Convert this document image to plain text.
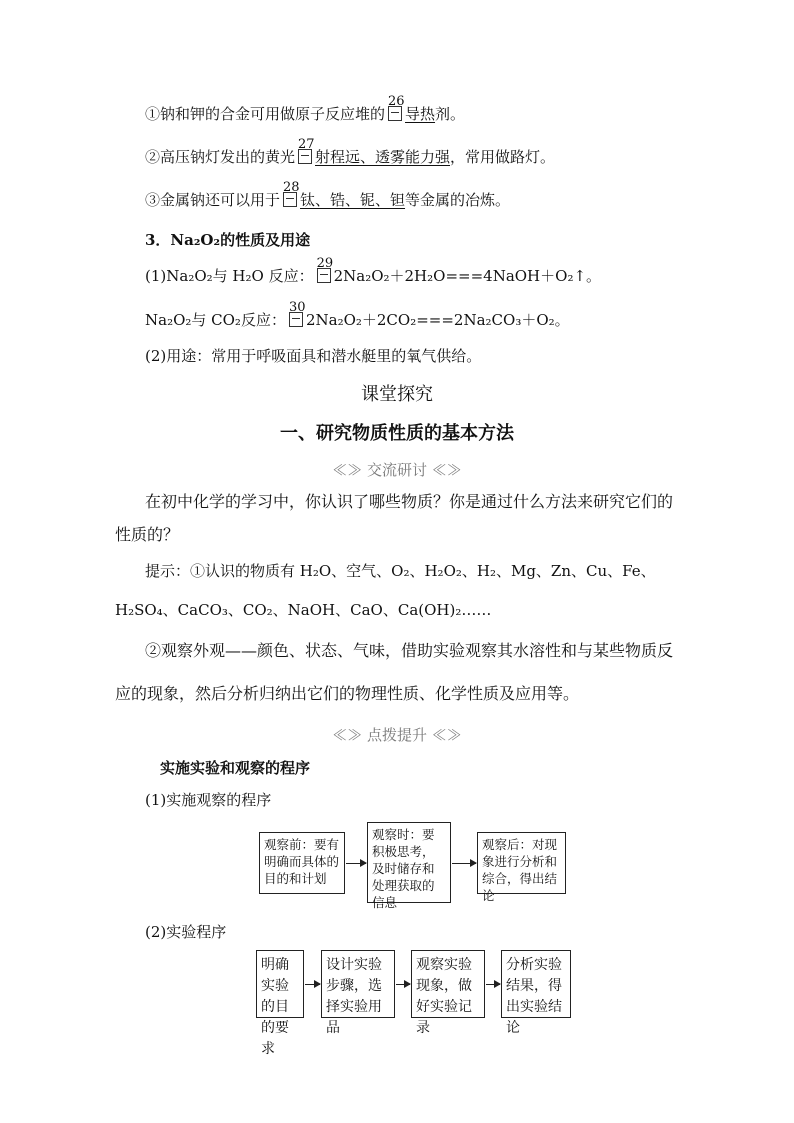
①钠和钾的合金可用做原子反应堆的
26
导热剂。
②高压钠灯发出的黄光
27
射程远、透雾能力强，常用做路灯。
③金属钠还可以用于
28
钛、锆、铌、钽等金属的冶炼。
3．Na₂O₂的性质及用途
(1)Na₂O₂与 H₂O 反应：
29
2Na₂O₂＋2H₂O===4NaOH＋O₂↑。
Na₂O₂与 CO₂反应：
30
2Na₂O₂＋2CO₂===2Na₂CO₃＋O₂。
(2)用途：常用于呼吸面具和潜水艇里的氧气供给。
课堂探究
一、研究物质性质的基本方法
≪≫ 交流研讨 ≪≫
在初中化学的学习中，你认识了哪些物质？你是通过什么方法来研究它们的
性质的？
提示：①认识的物质有 H₂O、空气、O₂、H₂O₂、H₂、Mg、Zn、Cu、Fe、
H₂SO₄、CaCO₃、CO₂、NaOH、CaO、Ca(OH)₂……
②观察外观——颜色、状态、气味，借助实验观察其水溶性和与某些物质反
应的现象，然后分析归纳出它们的物理性质、化学性质及应用等。
≪≫ 点拨提升 ≪≫
实施实验和观察的程序
(1)实施观察的程序
观察前：要有明确而具体的目的和计划
观察时：要积极思考，及时储存和处理获取的信息
观察后：对现象进行分析和综合，得出结论
(2)实验程序
明确实验的目的要求
设计实验步骤，选择实验用品
观察实验现象，做好实验记录
分析实验结果，得出实验结论
